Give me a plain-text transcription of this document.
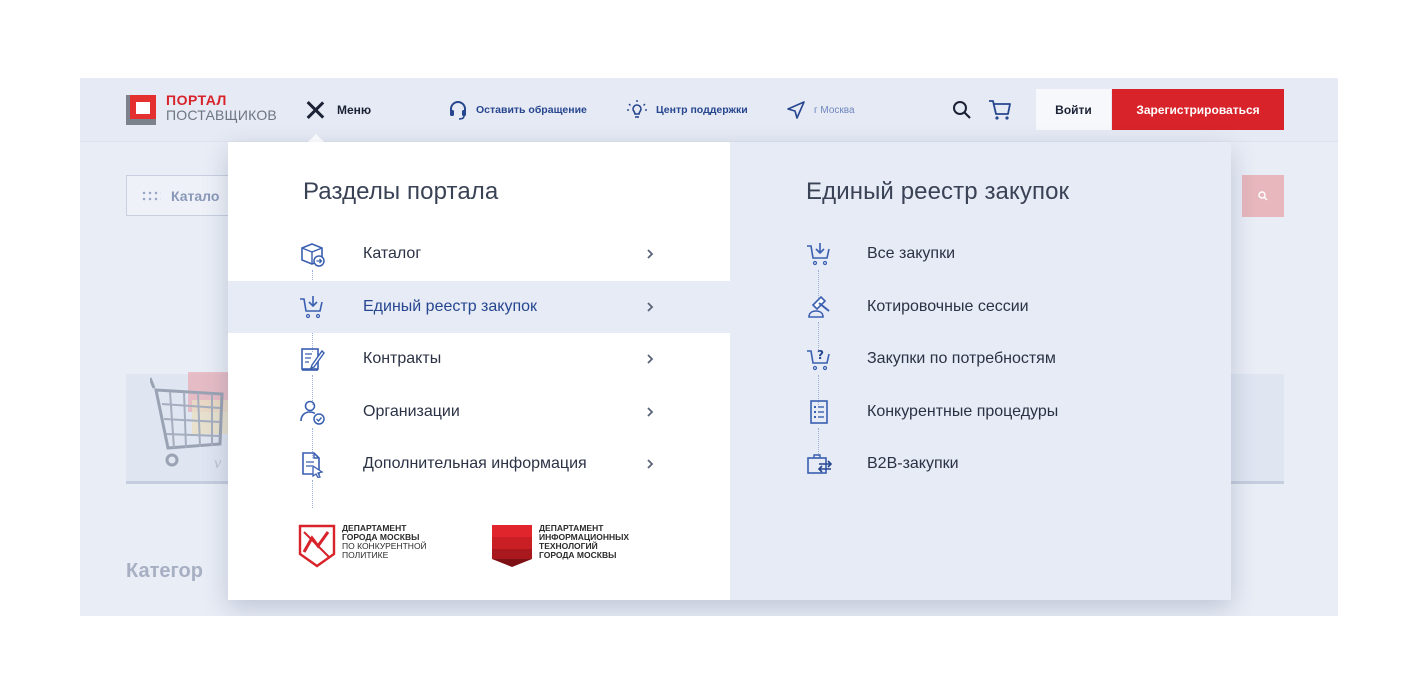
ПОРТАЛ
ПОСТАВЩИКОВ	Меню	Оставить обращение	Центр поддержки	г Москва	Войти	Зарегистрироваться
Катало
v
Категор
Разделы портала
Каталог
Единый реестр закупок
Контракты
Организации
Дополнительная информация
ДЕПАРТАМЕНТ
ГОРОДА МОСКВЫ
ПО КОНКУРЕНТНОЙ
ПОЛИТИКЕ
ДЕПАРТАМЕНТ
ИНФОРМАЦИОННЫХ
ТЕХНОЛОГИЙ
ГОРОДА МОСКВЫ
Единый реестр закупок
Все закупки
Котировочные сессии
?	Закупки по потребностям
Конкурентные процедуры
В2В-закупки
